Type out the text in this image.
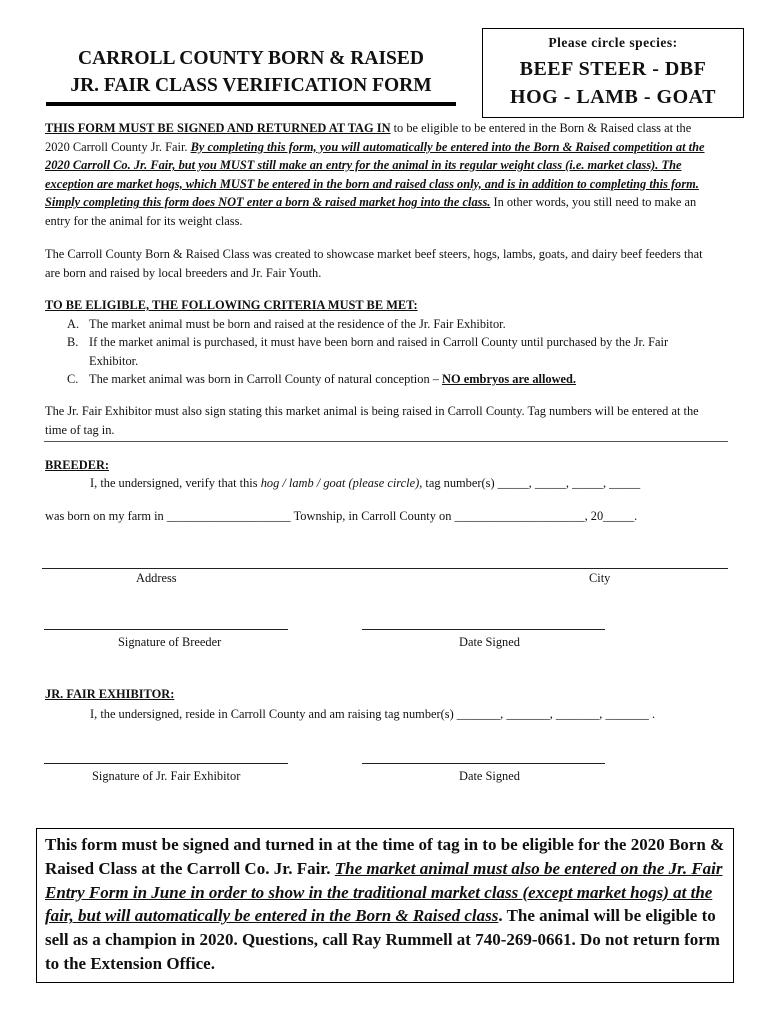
CARROLL COUNTY BORN & RAISED
JR. FAIR CLASS VERIFICATION FORM
Please circle species:
BEEF STEER - DBF
HOG - LAMB - GOAT
THIS FORM MUST BE SIGNED AND RETURNED AT TAG IN to be eligible to be entered in the Born & Raised class at the 2020 Carroll County Jr. Fair. By completing this form, you will automatically be entered into the Born & Raised competition at the 2020 Carroll Co. Jr. Fair, but you MUST still make an entry for the animal in its regular weight class (i.e. market class). The exception are market hogs, which MUST be entered in the born and raised class only, and is in addition to completing this form. Simply completing this form does NOT enter a born & raised market hog into the class. In other words, you still need to make an entry for the animal for its weight class.
The Carroll County Born & Raised Class was created to showcase market beef steers, hogs, lambs, goats, and dairy beef feeders that are born and raised by local breeders and Jr. Fair Youth.
TO BE ELIGIBLE, THE FOLLOWING CRITERIA MUST BE MET:
A. The market animal must be born and raised at the residence of the Jr. Fair Exhibitor.
B. If the market animal is purchased, it must have been born and raised in Carroll County until purchased by the Jr. Fair Exhibitor.
C. The market animal was born in Carroll County of natural conception – NO embryos are allowed.
The Jr. Fair Exhibitor must also sign stating this market animal is being raised in Carroll County. Tag numbers will be entered at the time of tag in.
BREEDER:
I, the undersigned, verify that this hog / lamb / goat (please circle), tag number(s) _____, _____, _____, _____
was born on my farm in ____________________ Township, in Carroll County on _____________________, 20_____.
Address	City
Signature of Breeder	Date Signed
JR. FAIR EXHIBITOR:
I, the undersigned, reside in Carroll County and am raising tag number(s) _______, _______, _______, _______ .
Signature of Jr. Fair Exhibitor	Date Signed
This form must be signed and turned in at the time of tag in to be eligible for the 2020 Born & Raised Class at the Carroll Co. Jr. Fair. The market animal must also be entered on the Jr. Fair Entry Form in June in order to show in the traditional market class (except market hogs) at the fair, but will automatically be entered in the Born & Raised class. The animal will be eligible to sell as a champion in 2020. Questions, call Ray Rummell at 740-269-0661. Do not return form to the Extension Office.
